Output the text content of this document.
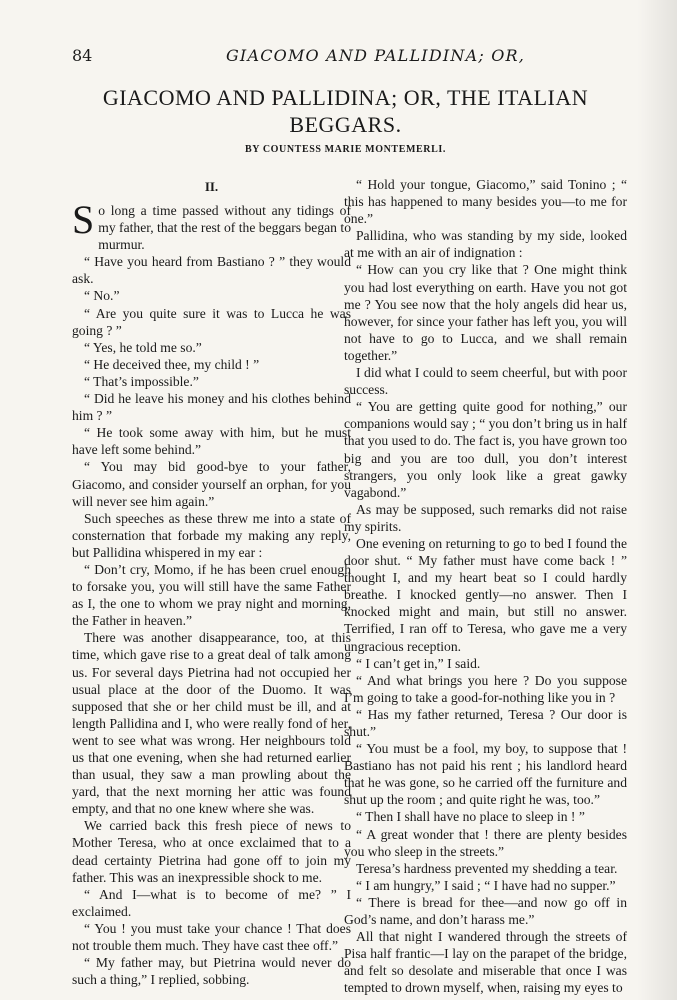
84	GIACOMO AND PALLIDINA; OR,
GIACOMO AND PALLIDINA; OR, THE ITALIAN BEGGARS.
BY COUNTESS MARIE MONTEMERLI.
II.

So long a time passed without any tidings of my father, that the rest of the beggars began to murmur.

“ Have you heard from Bastiano ? ” they would ask.

“ No.”

“ Are you quite sure it was to Lucca he was going ? ”

“ Yes, he told me so.”

“ He deceived thee, my child ! ”

“ That’s impossible.”

“ Did he leave his money and his clothes behind him ? ”

“ He took some away with him, but he must have left some behind.”

“ You may bid good-bye to your father, Giacomo, and consider yourself an orphan, for you will never see him again.”

Such speeches as these threw me into a state of consternation that forbade my making any reply, but Pallidina whispered in my ear :

“ Don’t cry, Momo, if he has been cruel enough to forsake you, you will still have the same Father as I, the one to whom we pray night and morning, the Father in heaven.”

There was another disappearance, too, at this time, which gave rise to a great deal of talk among us. For several days Pietrina had not occupied her usual place at the door of the Duomo. It was supposed that she or her child must be ill, and at length Pallidina and I, who were really fond of her, went to see what was wrong. Her neighbours told us that one evening, when she had returned earlier than usual, they saw a man prowling about the yard, that the next morning her attic was found empty, and that no one knew where she was.

We carried back this fresh piece of news to Mother Teresa, who at once exclaimed that to a dead certainty Pietrina had gone off to join my father. This was an inexpressible shock to me.

“ And I—what is to become of me? ” I exclaimed.

“ You ! you must take your chance ! That does not trouble them much. They have cast thee off.”

“ My father may, but Pietrina would never do such a thing,” I replied, sobbing.

“ Hold your tongue, Giacomo,” said Tonino ; “ this has happened to many besides you—to me for one.”

Pallidina, who was standing by my side, looked at me with an air of indignation :

“ How can you cry like that ? One might think you had lost everything on earth. Have you not got me ? You see now that the holy angels did hear us, however, for since your father has left you, you will not have to go to Lucca, and we shall remain together.”

I did what I could to seem cheerful, but with poor success.

“ You are getting quite good for nothing,” our companions would say ; “ you don’t bring us in half that you used to do. The fact is, you have grown too big and you are too dull, you don’t interest strangers, you only look like a great gawky vagabond.”

As may be supposed, such remarks did not raise my spirits.

One evening on returning to go to bed I found the door shut. “ My father must have come back ! ” thought I, and my heart beat so I could hardly breathe. I knocked gently—no answer. Then I knocked might and main, but still no answer. Terrified, I ran off to Teresa, who gave me a very ungracious reception.

“ I can’t get in,” I said.

“ And what brings you here ? Do you suppose I’m going to take a good-for-nothing like you in ?

“ Has my father returned, Teresa ? Our door is shut.”

“ You must be a fool, my boy, to suppose that ! Bastiano has not paid his rent ; his landlord heard that he was gone, so he carried off the furniture and shut up the room ; and quite right he was, too.”

“ Then I shall have no place to sleep in ! ”

“ A great wonder that ! there are plenty besides you who sleep in the streets.”

Teresa’s hardness prevented my shedding a tear.

“ I am hungry,” I said ; “ I have had no supper.”

“ There is bread for thee—and now go off in God’s name, and don’t harass me.”

All that night I wandered through the streets of Pisa half frantic—I lay on the parapet of the bridge, and felt so desolate and miserable that once I was tempted to drown myself, when, raising my eyes to
